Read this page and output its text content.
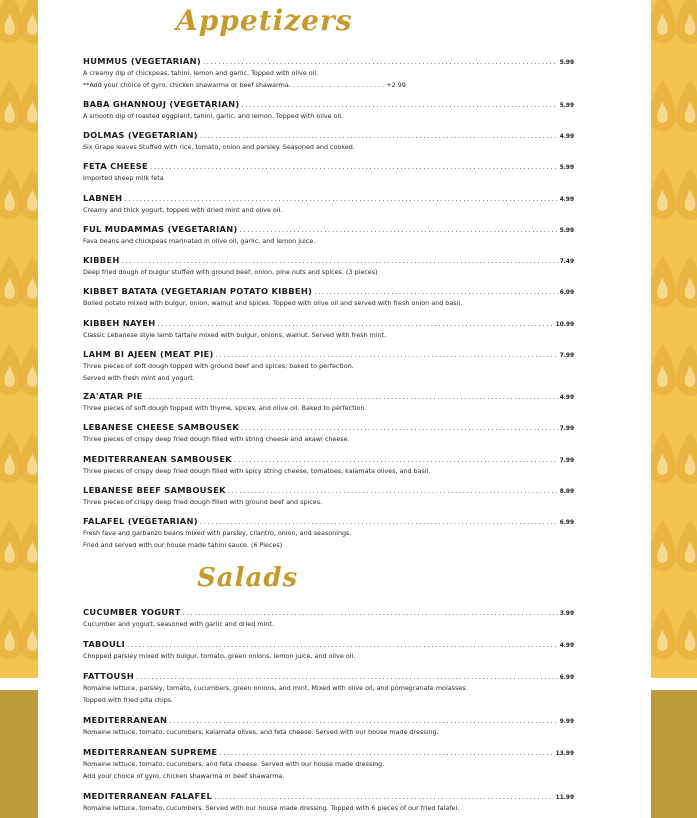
Appetizers
Salads
HUMMUS (VEGETARIAN) . . .	5.99
A creamy dip of chickpeas, tahini, lemon and garlic. Topped with olive oil.
**Add your choice of gyro, chicken shawarma or beef shawarma. . . . . . . . . . . . . . . . . . . . . . . . +2.99
BABA GHANNOUJ (VEGETARIAN) . . .	5.99
A smooth dip of roasted eggplant, tahini, garlic, and lemon. Topped with olive oil.
DOLMAS (VEGETARIAN) . . .	4.99
Six Grape leaves Stuffed with rice, tomato, onion and parsley. Seasoned and cooked.
FETA CHEESE . . .	5.99
Imported sheep milk feta
LABNEH . . .	4.99
Creamy and thick yogurt, topped with dried mint and olive oil.
FUL MUDAMMAS (VEGETARIAN) . . .	5.99
Fava beans and chickpeas marinated in olive oil, garlic, and lemon juice.
KIBBEH . . .	7.49
Deep fried dough of bulgur stuffed with ground beef, onion, pine nuts and spices. (3 pieces)
KIBBET BATATA (VEGETARIAN POTATO KIBBEH) . . .	6.99
Boiled potato mixed with bulgur, onion, walnut and spices. Topped with olive oil and served with fresh onion and basil.
KIBBEH NAYEH . . .	10.99
Classic Lebanese style lamb tartare mixed with bulgur, onions, walnut. Served with fresh mint.
LAHM BI AJEEN (MEAT PIE) . . .	7.99
Three pieces of soft dough topped with ground beef and spices, baked to perfection.
Served with fresh mint and yogurt.
ZA'ATAR PIE . . .	4.99
Three pieces of soft dough topped with thyme, spices, and olive oil. Baked to perfection.
LEBANESE CHEESE SAMBOUSEK . . .	7.99
Three pieces of crispy deep fried dough filled with string cheese and akawi cheese.
MEDITERRANEAN SAMBOUSEK . . .	7.99
Three pieces of crispy deep fried dough filled with spicy string cheese, tomatoes, kalamata olives, and basil.
LEBANESE BEEF SAMBOUSEK . . .	8.99
Three pieces of crispy deep fried dough filled with ground beef and spices.
FALAFEL (VEGETARIAN) . . .	6.99
Fresh fava and garbanzo beans mixed with parsley, cilantro, onion, and seasonings.
Fried and served with our house made tahini sauce. (6 Pieces)
CUCUMBER YOGURT . . .	3.99
Cucumber and yogurt, seasoned with garlic and dried mint.
TABOULI . . .	4.99
Chopped parsley mixed with bulgur, tomato, green onions, lemon juice, and olive oil.
FATTOUSH . . .	6.99
Romaine lettuce, parsley, tomato, cucumbers, green onions, and mint. Mixed with olive oil, and pomegranate molasses.
Topped with fried pita chips.
MEDITERRANEAN . . .	9.99
Romaine lettuce, tomato, cucumbers, kalamata olives, and feta cheese. Served with our house made dressing.
MEDITERRANEAN SUPREME . . .	13.99
Romaine lettuce, tomato, cucumbers, and feta cheese. Served with our house made dressing.
Add your choice of gyro, chicken shawarma or beef shawarma.
MEDITERRANEAN FALAFEL . . .	11.99
Romaine lettuce, tomato, cucumbers. Served with our house made dressing. Topped with 6 pieces of our fried falafel.
